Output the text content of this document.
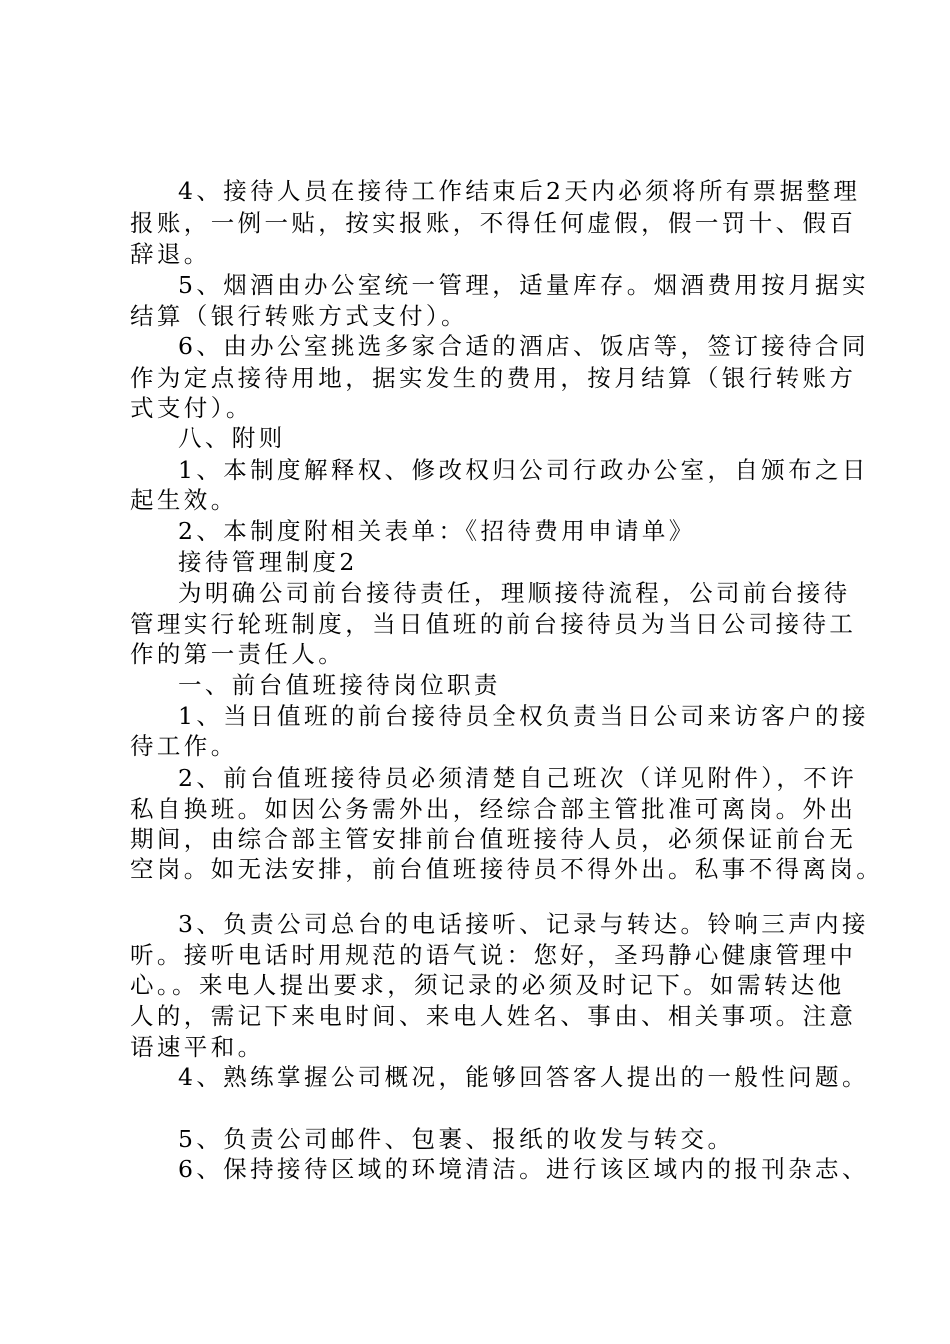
4、接待人员在接待工作结束后2天内必须将所有票据整理
报账，一例一贴，按实报账，不得任何虚假，假一罚十、假百
辞退。
5、烟酒由办公室统一管理，适量库存。烟酒费用按月据实
结算（银行转账方式支付）。
6、由办公室挑选多家合适的酒店、饭店等，签订接待合同
作为定点接待用地，据实发生的费用，按月结算（银行转账方
式支付）。
八、附则
1、本制度解释权、修改权归公司行政办公室，自颁布之日
起生效。
2、本制度附相关表单：《招待费用申请单》
接待管理制度2
为明确公司前台接待责任，理顺接待流程，公司前台接待
管理实行轮班制度，当日值班的前台接待员为当日公司接待工
作的第一责任人。
一、前台值班接待岗位职责
1、当日值班的前台接待员全权负责当日公司来访客户的接
待工作。
2、前台值班接待员必须清楚自己班次（详见附件），不许
私自换班。如因公务需外出，经综合部主管批准可离岗。外出
期间，由综合部主管安排前台值班接待人员，必须保证前台无
空岗。如无法安排，前台值班接待员不得外出。私事不得离岗。
3、负责公司总台的电话接听、记录与转达。铃响三声内接
听。接听电话时用规范的语气说：您好，圣玛静心健康管理中
心。。来电人提出要求，须记录的必须及时记下。如需转达他
人的，需记下来电时间、来电人姓名、事由、相关事项。注意
语速平和。
4、熟练掌握公司概况，能够回答客人提出的一般性问题。
5、负责公司邮件、包裹、报纸的收发与转交。
6、保持接待区域的环境清洁。进行该区域内的报刊杂志、
